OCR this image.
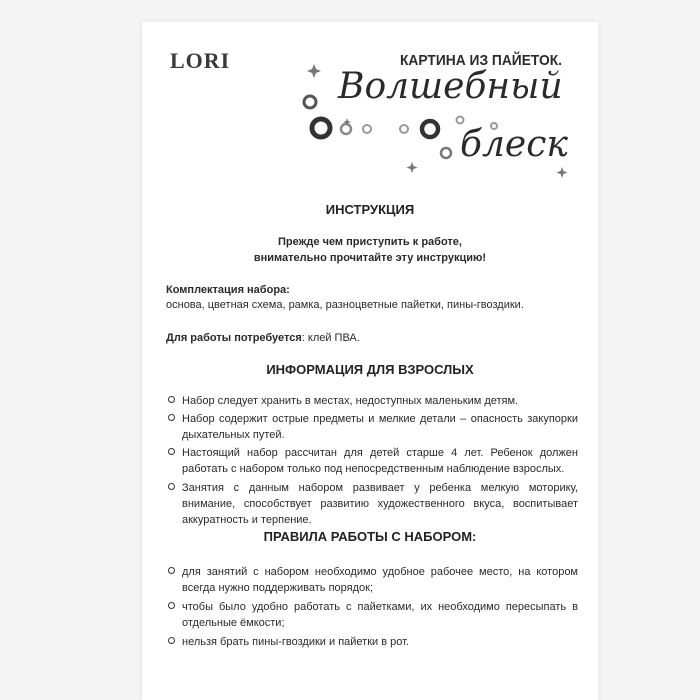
LORI	КАРТИНА ИЗ ПАЙЕТОК.
Волшебный
блеск
ИНСТРУКЦИЯ
Прежде чем приступить к работе,
внимательно прочитайте эту инструкцию!
Комплектация набора:
основа, цветная схема, рамка, разноцветные пайетки, пины-гвоздики.
Для работы потребуется: клей ПВА.
ИНФОРМАЦИЯ ДЛЯ ВЗРОСЛЫХ
Набор следует хранить в местах, недоступных маленьким детям.
Набор содержит острые предметы и мелкие детали – опасность закупорки дыхательных путей.
Настоящий набор рассчитан для детей старше 4 лет. Ребенок должен работать с набором только под непосредственным наблюдение взрослых.
Занятия с данным набором развивает у ребенка мелкую моторику, внимание, способствует развитию художественного вкуса, воспитывает аккуратность и терпение.
ПРАВИЛА РАБОТЫ С НАБОРОМ:
для занятий с набором необходимо удобное рабочее место, на котором всегда нужно поддерживать порядок;
чтобы было удобно работать с пайетками, их необходимо пересыпать в отдельные ёмкости;
нельзя брать пины-гвоздики и пайетки в рот.
